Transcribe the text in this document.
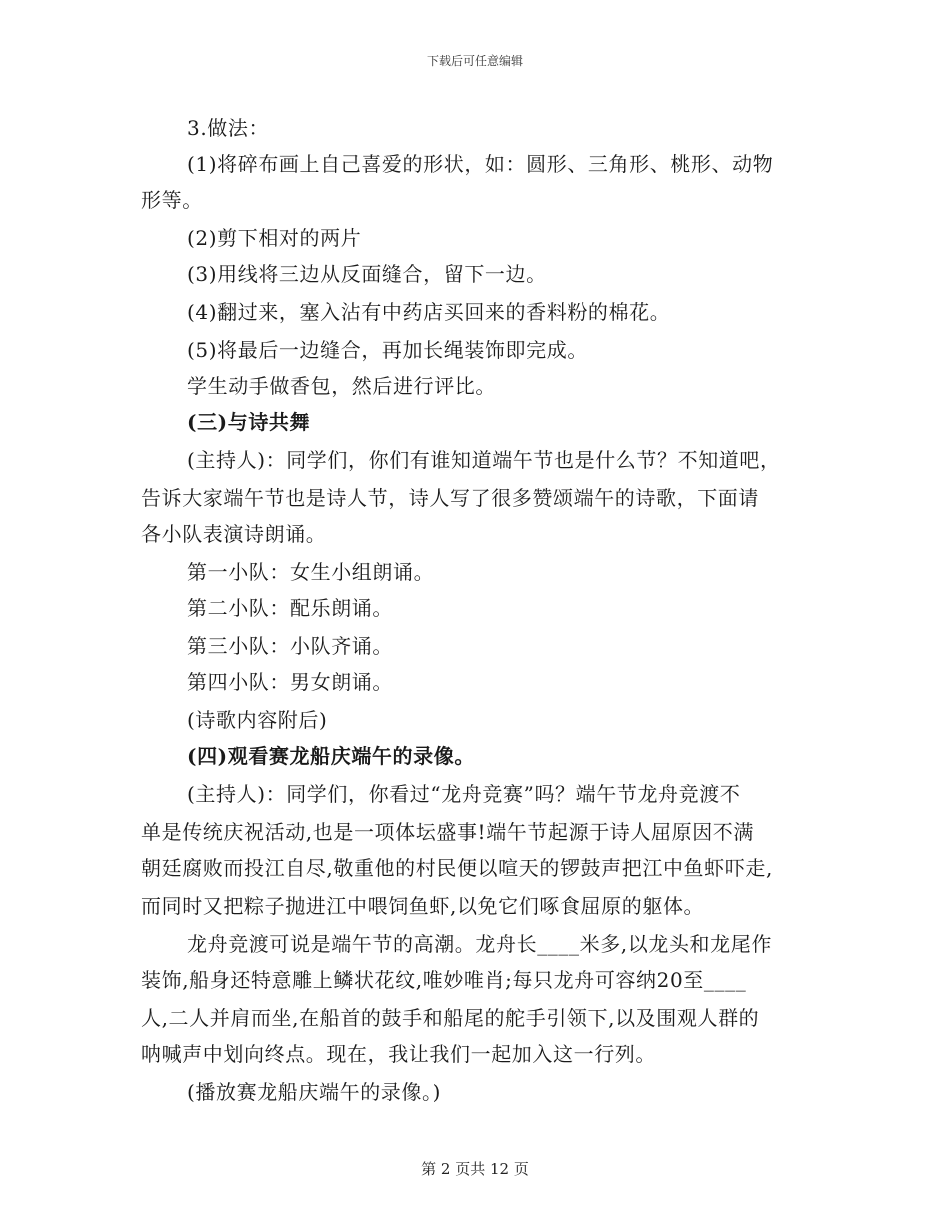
下载后可任意编辑
3.做法：
(1)将碎布画上自己喜爱的形状，如：圆形、三角形、桃形、动物
形等。
(2)剪下相对的两片
(3)用线将三边从反面缝合，留下一边。
(4)翻过来，塞入沾有中药店买回来的香料粉的棉花。
(5)将最后一边缝合，再加长绳装饰即完成。
学生动手做香包，然后进行评比。
(三)与诗共舞
(主持人)：同学们，你们有谁知道端午节也是什么节？不知道吧，
告诉大家端午节也是诗人节，诗人写了很多赞颂端午的诗歌，下面请
各小队表演诗朗诵。
第一小队：女生小组朗诵。
第二小队：配乐朗诵。
第三小队：小队齐诵。
第四小队：男女朗诵。
(诗歌内容附后)
(四)观看赛龙船庆端午的录像。
(主持人)：同学们，你看过“龙舟竞赛”吗？端午节龙舟竞渡不
单是传统庆祝活动,也是一项体坛盛事!端午节起源于诗人屈原因不满
朝廷腐败而投江自尽,敬重他的村民便以喧天的锣鼓声把江中鱼虾吓走,
而同时又把粽子抛进江中喂饲鱼虾,以免它们啄食屈原的躯体。
龙舟竞渡可说是端午节的高潮。龙舟长____米多,以龙头和龙尾作
装饰,船身还特意雕上鳞状花纹,唯妙唯肖;每只龙舟可容纳20至____
人,二人并肩而坐,在船首的鼓手和船尾的舵手引领下,以及围观人群的
呐喊声中划向终点。现在，我让我们一起加入这一行列。
(播放赛龙船庆端午的录像。)
第 2 页共 12 页
